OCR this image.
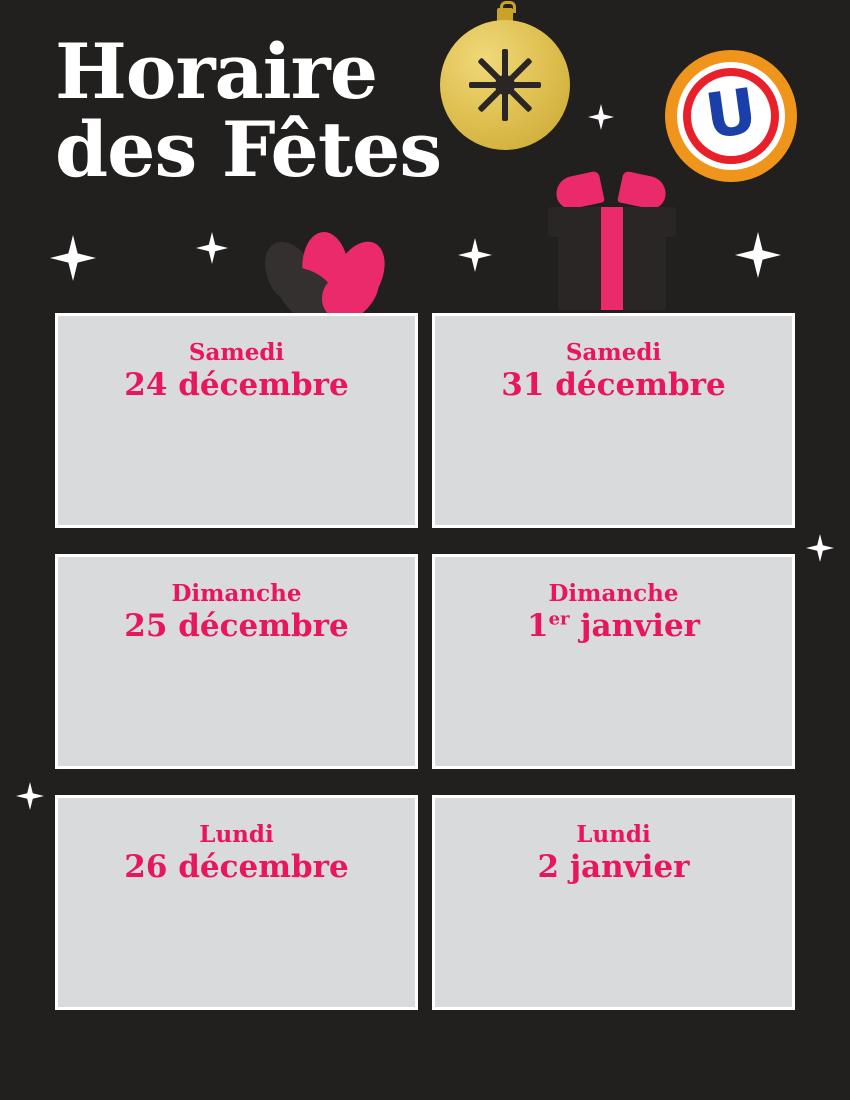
Horaire
des Fêtes	U

Samedi

24 décembre

Samedi

31 décembre

Dimanche

25 décembre

Dimanche

1er janvier

Lundi

26 décembre

Lundi

2 janvier
